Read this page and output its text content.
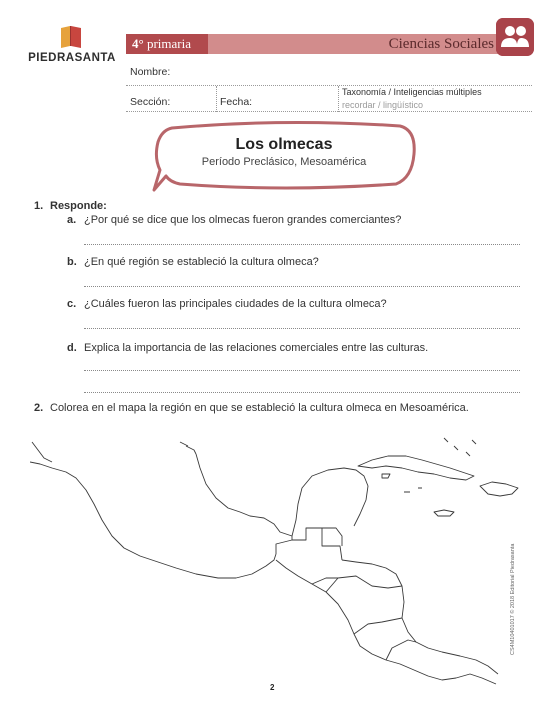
PIEDRASANTA
4° primaria	Ciencias Sociales
Nombre:
Sección:	Fecha:
Taxonomía / Inteligencias múltiples
recordar / lingüístico
Los olmecas
Período Preclásico, Mesoamérica
1. Responde:
a. ¿Por qué se dice que los olmecas fueron grandes comerciantes?
b. ¿En qué región se estableció la cultura olmeca?
c. ¿Cuáles fueron las principales ciudades de la cultura olmeca?
d. Explica la importancia de las relaciones comerciales entre las culturas.
2. Colorea en el mapa la región en que se estableció la cultura olmeca en Mesoamérica.
CS4M10401017 © 2018 Editorial Piedrasanta
2
